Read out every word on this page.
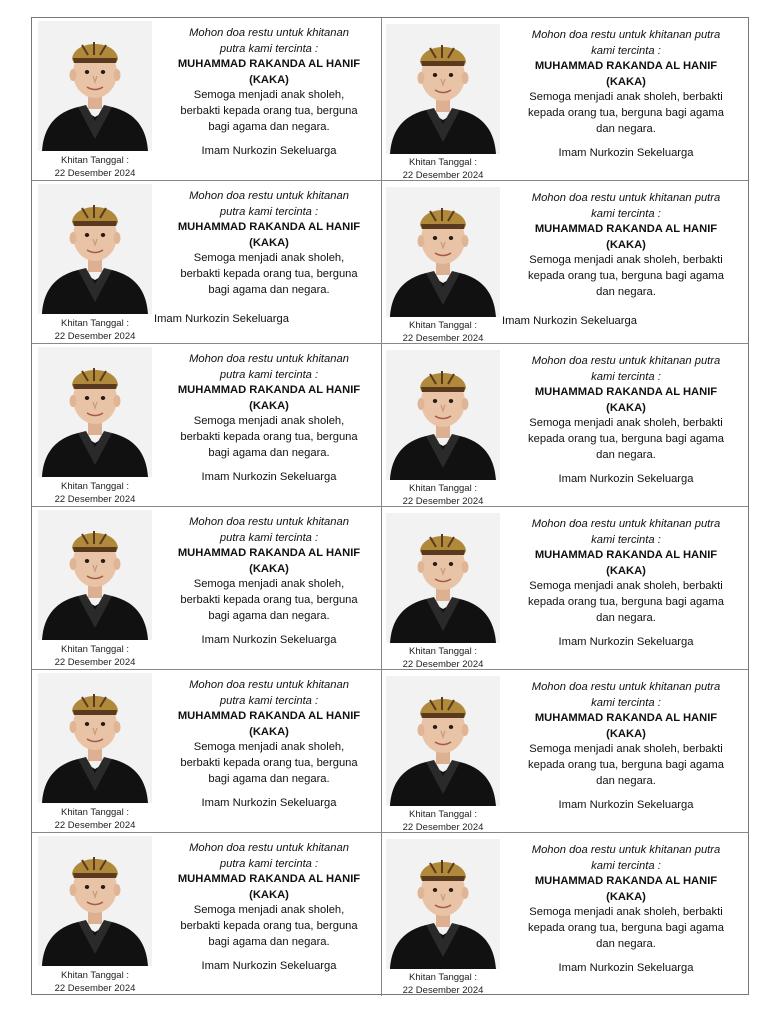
Khitan Tanggal :
22 Desember 2024
Mohon doa restu untuk khitanan
putra kami tercinta :
MUHAMMAD RAKANDA AL HANIF
(KAKA)
Semoga menjadi anak sholeh,
berbakti kepada orang tua, berguna
bagi agama dan negara.
Imam Nurkozin Sekeluarga
Khitan Tanggal :
22 Desember 2024
Mohon doa restu untuk khitanan putra
kami tercinta :
MUHAMMAD RAKANDA AL HANIF
(KAKA)
Semoga menjadi anak sholeh, berbakti
kepada orang tua, berguna bagi agama
dan negara.
Imam Nurkozin Sekeluarga
Khitan Tanggal :
22 Desember 2024
Mohon doa restu untuk khitanan
putra kami tercinta :
MUHAMMAD RAKANDA AL HANIF
(KAKA)
Semoga menjadi anak sholeh,
berbakti kepada orang tua, berguna
bagi agama dan negara.
Imam Nurkozin Sekeluarga
Khitan Tanggal :
22 Desember 2024
Mohon doa restu untuk khitanan putra
kami tercinta :
MUHAMMAD RAKANDA AL HANIF
(KAKA)
Semoga menjadi anak sholeh, berbakti
kepada orang tua, berguna bagi agama
dan negara.
Imam Nurkozin Sekeluarga
Khitan Tanggal :
22 Desember 2024
Mohon doa restu untuk khitanan
putra kami tercinta :
MUHAMMAD RAKANDA AL HANIF
(KAKA)
Semoga menjadi anak sholeh,
berbakti kepada orang tua, berguna
bagi agama dan negara.
Imam Nurkozin Sekeluarga
Khitan Tanggal :
22 Desember 2024
Mohon doa restu untuk khitanan putra
kami tercinta :
MUHAMMAD RAKANDA AL HANIF
(KAKA)
Semoga menjadi anak sholeh, berbakti
kepada orang tua, berguna bagi agama
dan negara.
Imam Nurkozin Sekeluarga
Khitan Tanggal :
22 Desember 2024
Mohon doa restu untuk khitanan
putra kami tercinta :
MUHAMMAD RAKANDA AL HANIF
(KAKA)
Semoga menjadi anak sholeh,
berbakti kepada orang tua, berguna
bagi agama dan negara.
Imam Nurkozin Sekeluarga
Khitan Tanggal :
22 Desember 2024
Mohon doa restu untuk khitanan putra
kami tercinta :
MUHAMMAD RAKANDA AL HANIF
(KAKA)
Semoga menjadi anak sholeh, berbakti
kepada orang tua, berguna bagi agama
dan negara.
Imam Nurkozin Sekeluarga
Khitan Tanggal :
22 Desember 2024
Mohon doa restu untuk khitanan
putra kami tercinta :
MUHAMMAD RAKANDA AL HANIF
(KAKA)
Semoga menjadi anak sholeh,
berbakti kepada orang tua, berguna
bagi agama dan negara.
Imam Nurkozin Sekeluarga
Khitan Tanggal :
22 Desember 2024
Mohon doa restu untuk khitanan putra
kami tercinta :
MUHAMMAD RAKANDA AL HANIF
(KAKA)
Semoga menjadi anak sholeh, berbakti
kepada orang tua, berguna bagi agama
dan negara.
Imam Nurkozin Sekeluarga
Khitan Tanggal :
22 Desember 2024
Mohon doa restu untuk khitanan
putra kami tercinta :
MUHAMMAD RAKANDA AL HANIF
(KAKA)
Semoga menjadi anak sholeh,
berbakti kepada orang tua, berguna
bagi agama dan negara.
Imam Nurkozin Sekeluarga
Khitan Tanggal :
22 Desember 2024
Mohon doa restu untuk khitanan putra
kami tercinta :
MUHAMMAD RAKANDA AL HANIF
(KAKA)
Semoga menjadi anak sholeh, berbakti
kepada orang tua, berguna bagi agama
dan negara.
Imam Nurkozin Sekeluarga
